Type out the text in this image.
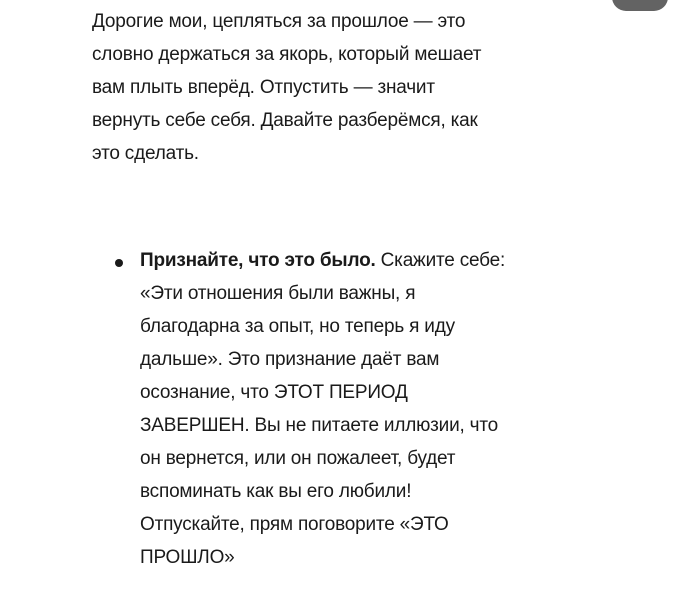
Дорогие мои, цепляться за прошлое — это
словно держаться за якорь, который мешает
вам плыть вперёд. Отпустить — значит
вернуть себе себя. Давайте разберёмся, как
это сделать.
Признайте, что это было. Скажите себе:
«Эти отношения были важны, я
благодарна за опыт, но теперь я иду
дальше». Это признание даёт вам
осознание, что ЭТОТ ПЕРИОД
ЗАВЕРШЕН. Вы не питаете иллюзии, что
он вернется, или он пожалеет, будет
вспоминать как вы его любили!
Отпускайте, прям поговорите «ЭТО
ПРОШЛО»
